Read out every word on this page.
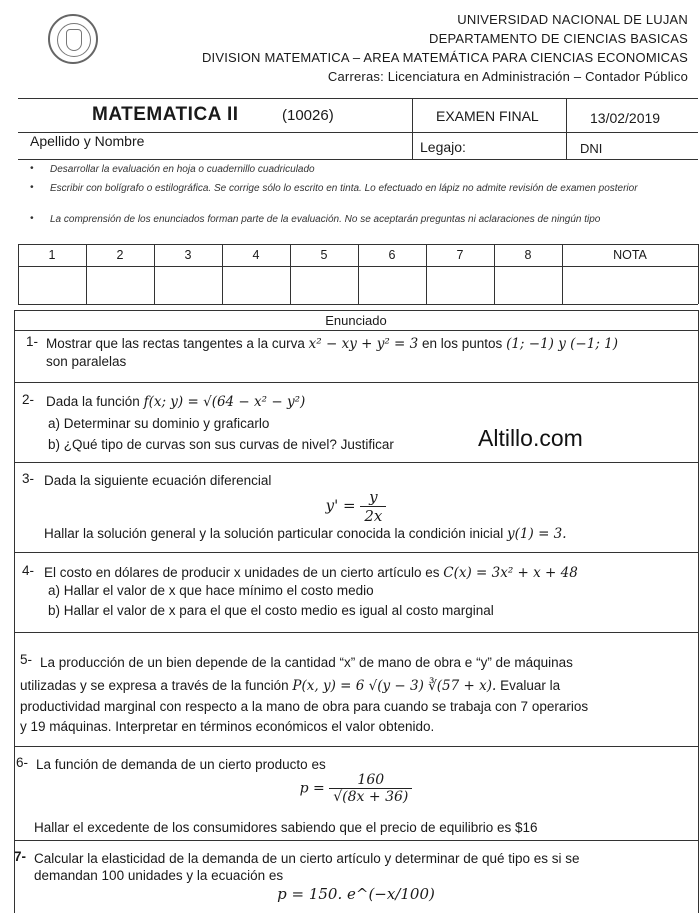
UNIVERSIDAD NACIONAL DE LUJAN
DEPARTAMENTO DE CIENCIAS BASICAS
DIVISION MATEMATICA – AREA MATEMÁTICA PARA CIENCIAS ECONOMICAS
Carreras: Licenciatura en Administración – Contador Público
MATEMATICA II	(10026)	EXAMEN FINAL	13/02/2019
Apellido y Nombre	Legajo:	DNI
• Desarrollar la evaluación en hoja o cuadernillo cuadriculado
• Escribir con bolígrafo o estilográfica. Se corrige sólo lo escrito en tinta. Lo efectuado en lápiz no admite revisión de examen posterior
• La comprensión de los enunciados forman parte de la evaluación. No se aceptarán preguntas ni aclaraciones de ningún tipo
1	2	3	4	5	6	7	8	NOTA
Enunciado
1- Mostrar que las rectas tangentes a la curva x² − xy + y² = 3 en los puntos (1; −1) y (−1; 1)
son paralelas
2- Dada la función f(x; y) = √(64 − x² − y²)
a) Determinar su dominio y graficarlo
b) ¿Qué tipo de curvas son sus curvas de nivel? Justificar	Altillo.com
3- Dada la siguiente ecuación diferencial
$y' = \frac{y}{2x}$
Hallar la solución general y la solución particular conocida la condición inicial y(1) = 3.
4- El costo en dólares de producir x unidades de un cierto artículo es C(x) = 3x² + x + 48
a) Hallar el valor de x que hace mínimo el costo medio
b) Hallar el valor de x para el que el costo medio es igual al costo marginal
5- La producción de un bien depende de la cantidad “x” de mano de obra e “y” de máquinas
utilizadas y se expresa a través de la función P(x, y) = 6 √(y − 3) ∛(57 + x). Evaluar la
productividad marginal con respecto a la mano de obra para cuando se trabaja con 7 operarios
y 19 máquinas. Interpretar en términos económicos el valor obtenido.
6- La función de demanda de un cierto producto es
$p = \frac{160}{√(8x + 36)}$
Hallar el excedente de los consumidores sabiendo que el precio de equilibrio es $16
7- Calcular la elasticidad de la demanda de un cierto artículo y determinar de qué tipo es si se
demandan 100 unidades y la ecuación es
p = 150. e^(−x/100)
